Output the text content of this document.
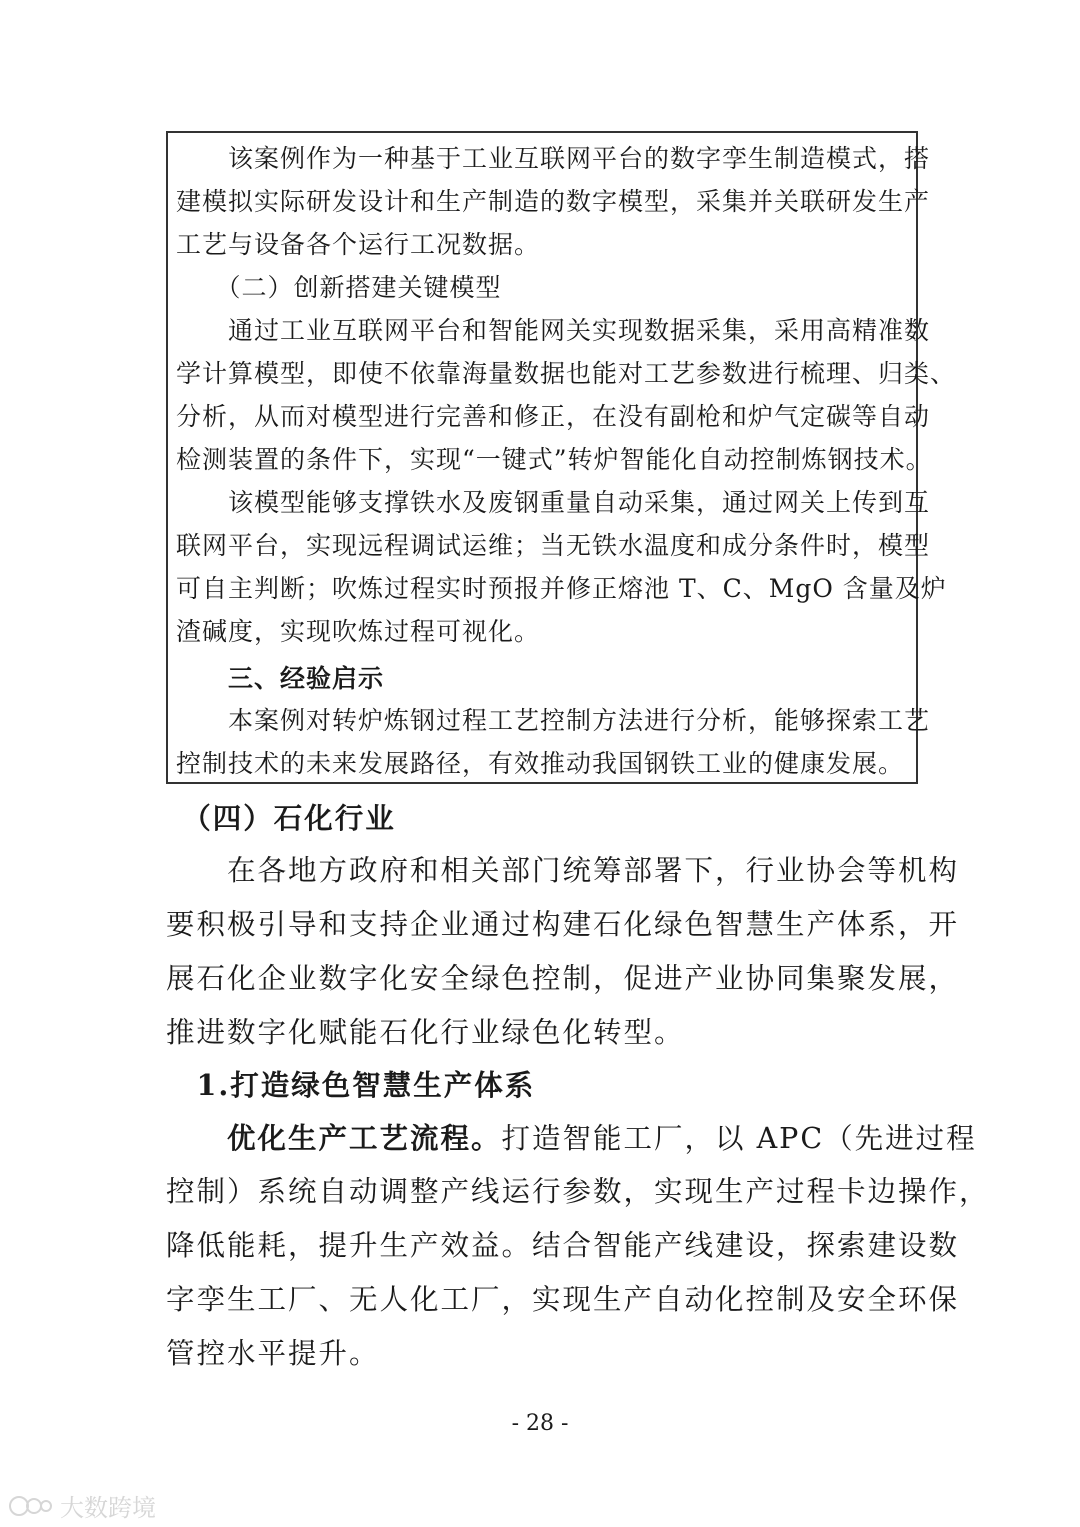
　　该案例作为一种基于工业互联网平台的数字孪生制造模式，搭
建模拟实际研发设计和生产制造的数字模型，采集并关联研发生产
工艺与设备各个运行工况数据。
　　（二）创新搭建关键模型
　　通过工业互联网平台和智能网关实现数据采集，采用高精准数
学计算模型，即使不依靠海量数据也能对工艺参数进行梳理、归类、
分析，从而对模型进行完善和修正，在没有副枪和炉气定碳等自动
检测装置的条件下，实现“一键式”转炉智能化自动控制炼钢技术。
　　该模型能够支撑铁水及废钢重量自动采集，通过网关上传到互
联网平台，实现远程调试运维；当无铁水温度和成分条件时，模型
可自主判断；吹炼过程实时预报并修正熔池 T、C、MgO 含量及炉
渣碱度，实现吹炼过程可视化。
　　三、经验启示
　　本案例对转炉炼钢过程工艺控制方法进行分析，能够探索工艺
控制技术的未来发展路径，有效推动我国钢铁工业的健康发展。
　（四）石化行业
　　在各地方政府和相关部门统筹部署下，行业协会等机构
要积极引导和支持企业通过构建石化绿色智慧生产体系，开
展石化企业数字化安全绿色控制，促进产业协同集聚发展，
推进数字化赋能石化行业绿色化转型。
　1.打造绿色智慧生产体系
　　优化生产工艺流程。打造智能工厂，以 APC（先进过程
控制）系统自动调整产线运行参数，实现生产过程卡边操作，
降低能耗，提升生产效益。结合智能产线建设，探索建设数
字孪生工厂、无人化工厂，实现生产自动化控制及安全环保
管控水平提升。
- 28 -
大数跨境
